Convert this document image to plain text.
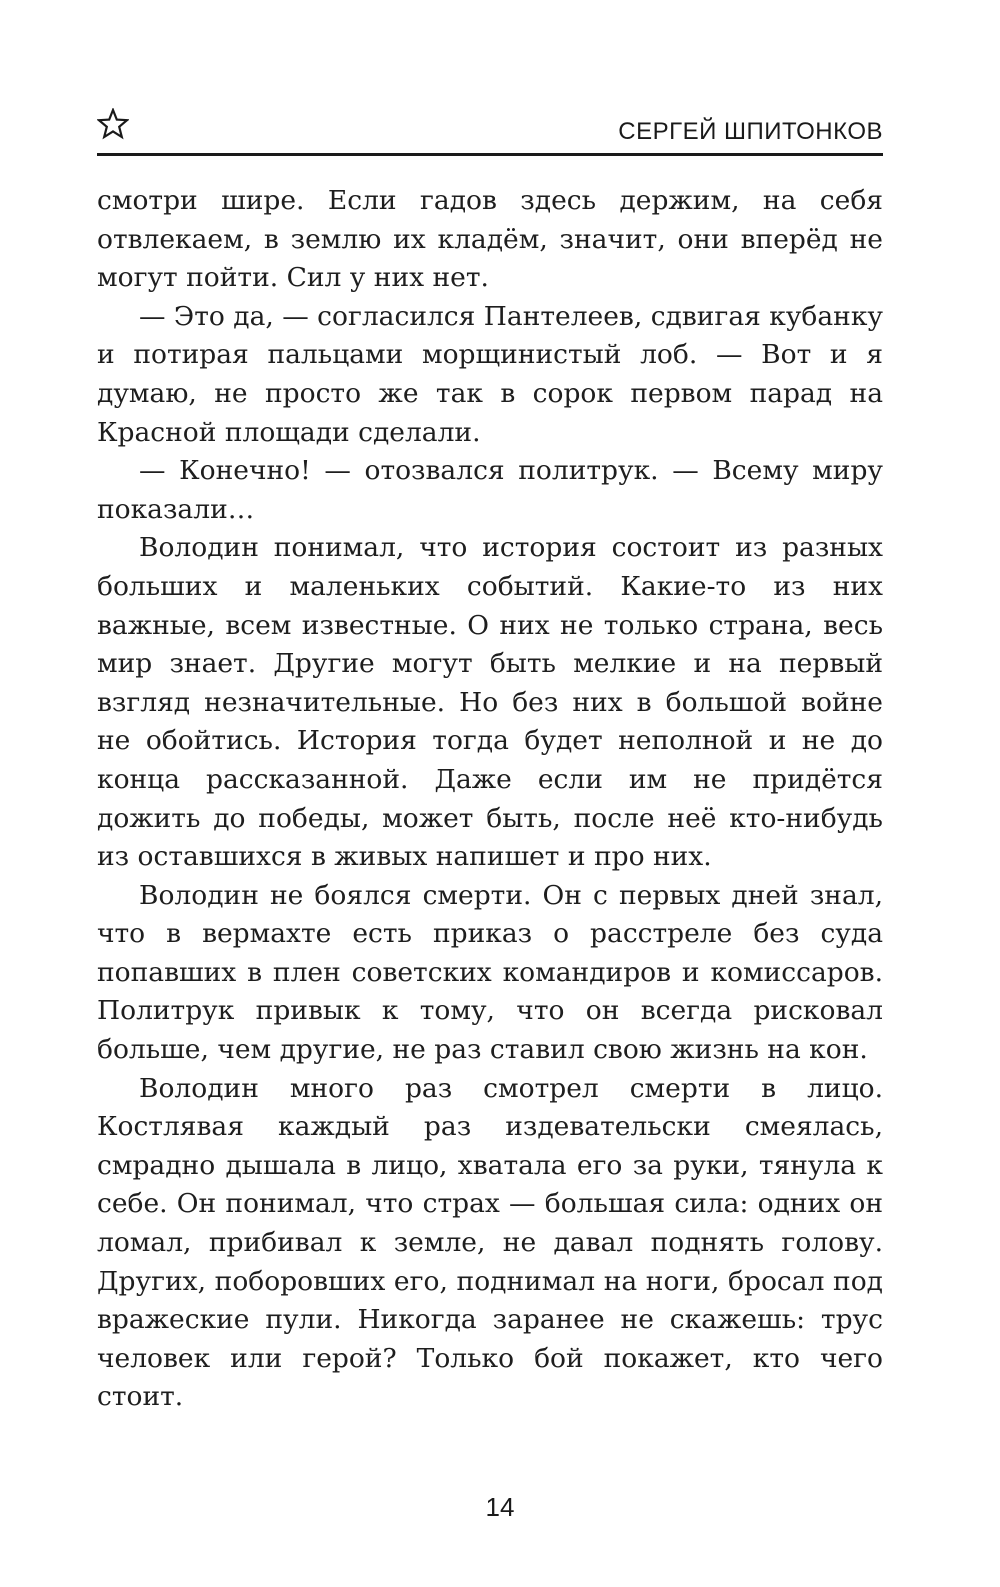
СЕРГЕЙ ШПИТОНКОВ

смотри шире. Если гадов здесь держим, на себя отвлекаем, в землю их кладём, значит, они вперёд не могут пойти. Сил у них нет.

— Это да, — согласился Пантелеев, сдвигая кубанку и потирая пальцами морщинистый лоб. — Вот и я думаю, не просто же так в сорок первом парад на Красной площади сделали.

— Конечно! — отозвался политрук. — Всему миру показали…

Володин понимал, что история состоит из разных больших и маленьких событий. Какие-то из них важные, всем известные. О них не только страна, весь мир знает. Другие могут быть мелкие и на первый взгляд незначительные. Но без них в большой войне не обойтись. История тогда будет неполной и не до конца рассказанной. Даже если им не придётся дожить до победы, может быть, после неё кто-нибудь из оставшихся в живых напишет и про них.

Володин не боялся смерти. Он с первых дней знал, что в вермахте есть приказ о расстреле без суда попавших в плен советских командиров и комиссаров. Политрук привык к тому, что он всегда рисковал больше, чем другие, не раз ставил свою жизнь на кон.

Володин много раз смотрел смерти в лицо. Костлявая каждый раз издевательски смеялась, смрадно дышала в лицо, хватала его за руки, тянула к себе. Он понимал, что страх — большая сила: одних он ломал, прибивал к земле, не давал поднять голову. Других, поборовших его, поднимал на ноги, бросал под вражеские пули. Никогда заранее не скажешь: трус человек или герой? Только бой покажет, кто чего стоит.

14
